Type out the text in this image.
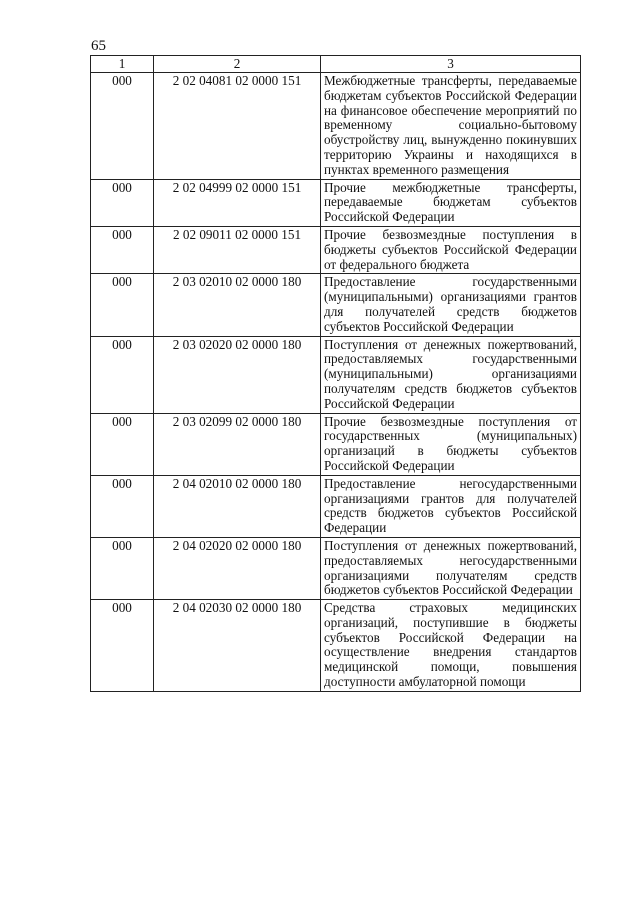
65
1	2	3
000	2 02 04081 02 0000 151	Межбюджетные трансферты, передаваемые бюджетам субъектов Российской Федерации на финансовое обеспечение мероприятий по временному социально-бытовому обустройству лиц, вынужденно покинувших территорию Украины и находящихся в пунктах временного размещения
000	2 02 04999 02 0000 151	Прочие межбюджетные трансферты, передаваемые бюджетам субъектов Российской Федерации
000	2 02 09011 02 0000 151	Прочие безвозмездные поступления в бюджеты субъектов Российской Федерации от федерального бюджета
000	2 03 02010 02 0000 180	Предоставление государственными (муниципальными) организациями грантов для получателей средств бюджетов субъектов Российской Федерации
000	2 03 02020 02 0000 180	Поступления от денежных пожертвований, предоставляемых государственными (муниципальными) организациями получателям средств бюджетов субъектов Российской Федерации
000	2 03 02099 02 0000 180	Прочие безвозмездные поступления от государственных (муниципальных) организаций в бюджеты субъектов Российской Федерации
000	2 04 02010 02 0000 180	Предоставление негосударственными организациями грантов для получателей средств бюджетов субъектов Российской Федерации
000	2 04 02020 02 0000 180	Поступления от денежных пожертвований, предоставляемых негосударственными организациями получателям средств бюджетов субъектов Российской Федерации
000	2 04 02030 02 0000 180	Средства страховых медицинских организаций, поступившие в бюджеты субъектов Российской Федерации на осуществление внедрения стандартов медицинской помощи, повышения доступности амбулаторной помощи
